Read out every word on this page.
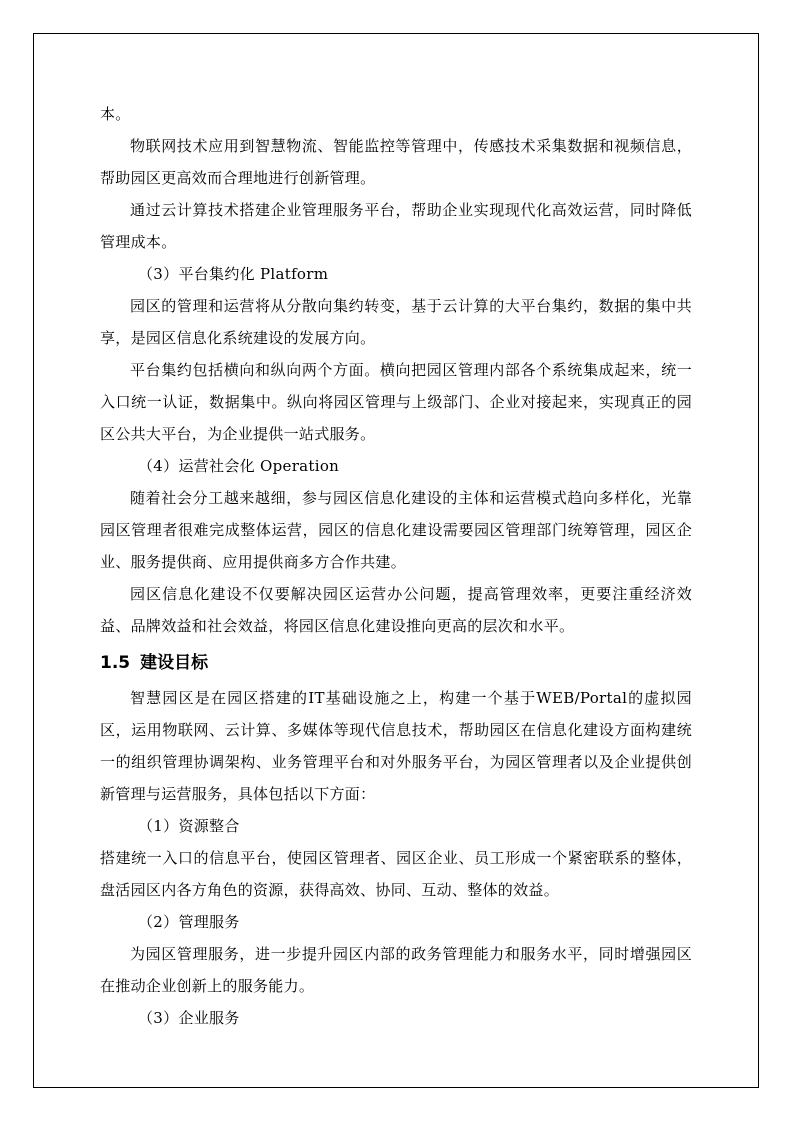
本。

物联网技术应用到智慧物流、智能监控等管理中，传感技术采集数据和视频信息，帮助园区更高效而合理地进行创新管理。

通过云计算技术搭建企业管理服务平台，帮助企业实现现代化高效运营，同时降低管理成本。

（3）平台集约化 Platform

园区的管理和运营将从分散向集约转变，基于云计算的大平台集约，数据的集中共享，是园区信息化系统建设的发展方向。

平台集约包括横向和纵向两个方面。横向把园区管理内部各个系统集成起来，统一入口统一认证，数据集中。纵向将园区管理与上级部门、企业对接起来，实现真正的园区公共大平台，为企业提供一站式服务。

（4）运营社会化 Operation

随着社会分工越来越细，参与园区信息化建设的主体和运营模式趋向多样化，光靠园区管理者很难完成整体运营，园区的信息化建设需要园区管理部门统筹管理，园区企业、服务提供商、应用提供商多方合作共建。

园区信息化建设不仅要解决园区运营办公问题，提高管理效率，更要注重经济效益、品牌效益和社会效益，将园区信息化建设推向更高的层次和水平。

1.5 建设目标

智慧园区是在园区搭建的IT基础设施之上，构建一个基于WEB/Portal的虚拟园区，运用物联网、云计算、多媒体等现代信息技术，帮助园区在信息化建设方面构建统一的组织管理协调架构、业务管理平台和对外服务平台，为园区管理者以及企业提供创新管理与运营服务，具体包括以下方面：

（1）资源整合

搭建统一入口的信息平台，使园区管理者、园区企业、员工形成一个紧密联系的整体，盘活园区内各方角色的资源，获得高效、协同、互动、整体的效益。

（2）管理服务

为园区管理服务，进一步提升园区内部的政务管理能力和服务水平，同时增强园区在推动企业创新上的服务能力。

（3）企业服务
